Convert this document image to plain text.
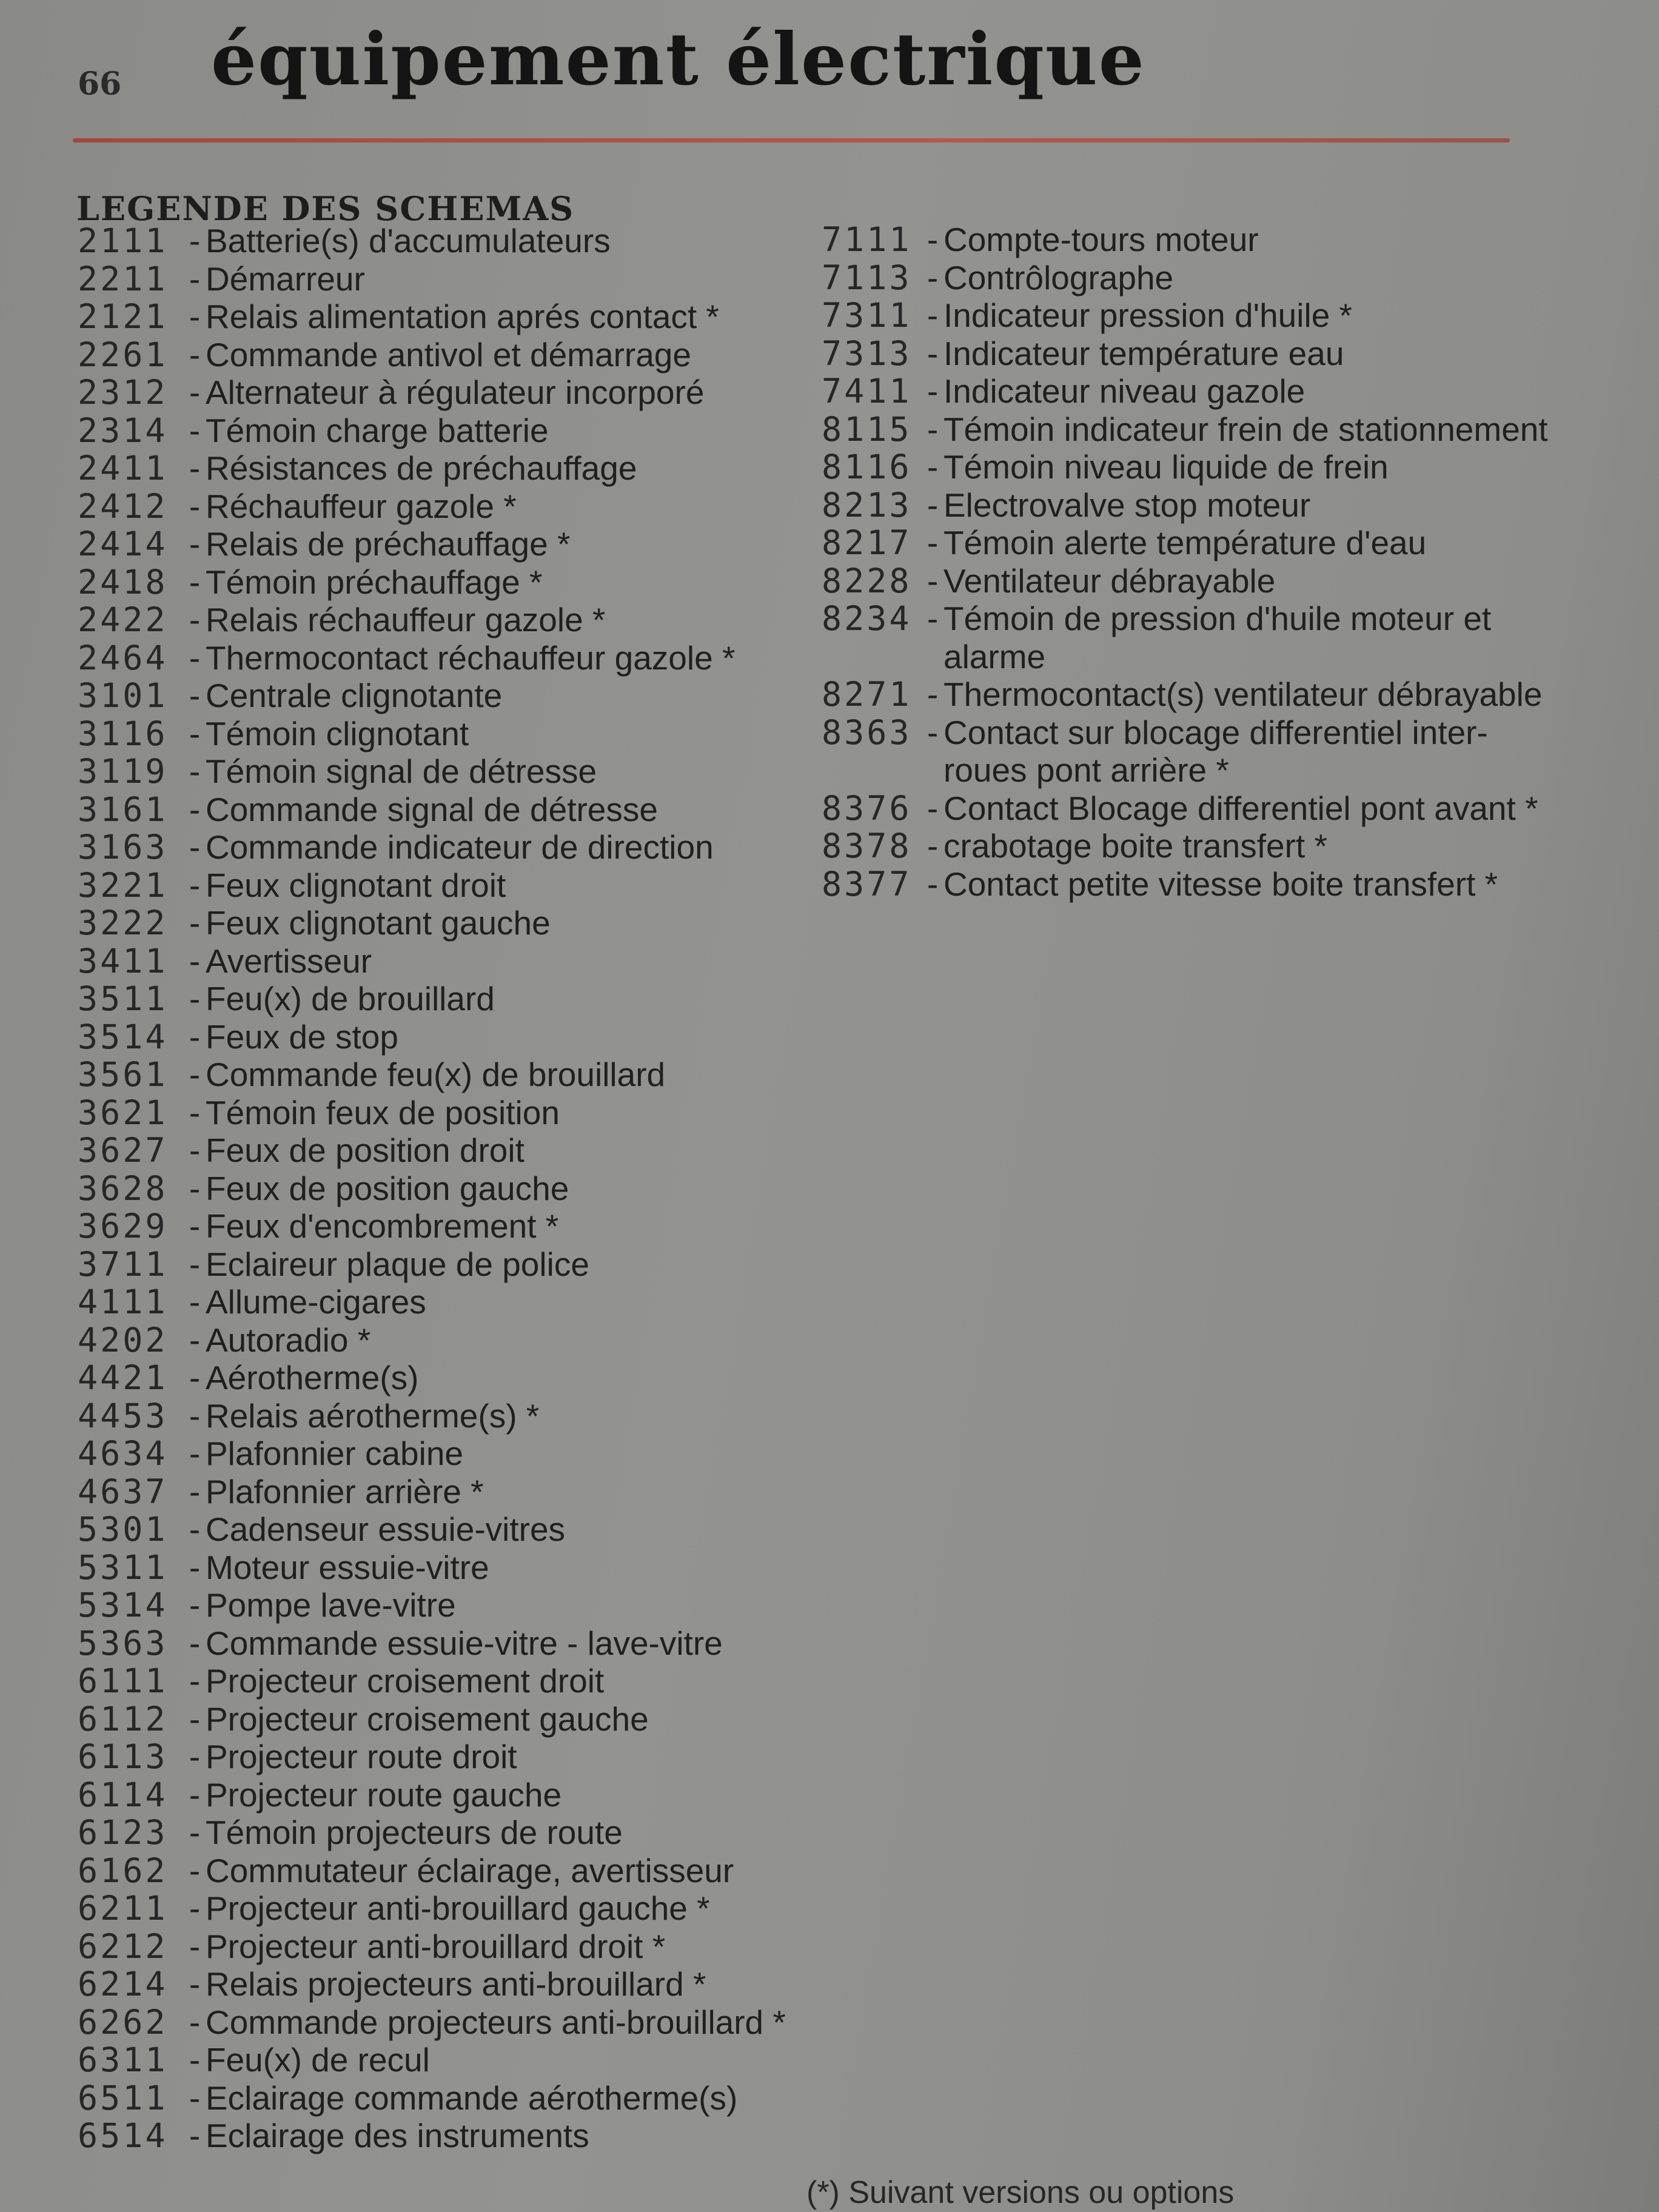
66 équipement électrique
LEGENDE DES SCHEMAS
2111 - Batterie(s) d'accumulateurs
2211 - Démarreur
2121 - Relais alimentation aprés contact *
2261 - Commande antivol et démarrage
2312 - Alternateur à régulateur incorporé
2314 - Témoin charge batterie
2411 - Résistances de préchauffage
2412 - Réchauffeur gazole *
2414 - Relais de préchauffage *
2418 - Témoin préchauffage *
2422 - Relais réchauffeur gazole *
2464 - Thermocontact réchauffeur gazole *
3101 - Centrale clignotante
3116 - Témoin clignotant
3119 - Témoin signal de détresse
3161 - Commande signal de détresse
3163 - Commande indicateur de direction
3221 - Feux clignotant droit
3222 - Feux clignotant gauche
3411 - Avertisseur
3511 - Feu(x) de brouillard
3514 - Feux de stop
3561 - Commande feu(x) de brouillard
3621 - Témoin feux de position
3627 - Feux de position droit
3628 - Feux de position gauche
3629 - Feux d'encombrement *
3711 - Eclaireur plaque de police
4111 - Allume-cigares
4202 - Autoradio *
4421 - Aérotherme(s)
4453 - Relais aérotherme(s) *
4634 - Plafonnier cabine
4637 - Plafonnier arrière *
5301 - Cadenseur essuie-vitres
5311 - Moteur essuie-vitre
5314 - Pompe lave-vitre
5363 - Commande essuie-vitre - lave-vitre
6111 - Projecteur croisement droit
6112 - Projecteur croisement gauche
6113 - Projecteur route droit
6114 - Projecteur route gauche
6123 - Témoin projecteurs de route
6162 - Commutateur éclairage, avertisseur
6211 - Projecteur anti-brouillard gauche *
6212 - Projecteur anti-brouillard droit *
6214 - Relais projecteurs anti-brouillard *
6262 - Commande projecteurs anti-brouillard *
6311 - Feu(x) de recul
6511 - Eclairage commande aérotherme(s)
6514 - Eclairage des instruments
7111 - Compte-tours moteur
7113 - Contrôlographe
7311 - Indicateur pression d'huile *
7313 - Indicateur température eau
7411 - Indicateur niveau gazole
8115 - Témoin indicateur frein de stationnement
8116 - Témoin niveau liquide de frein
8213 - Electrovalve stop moteur
8217 - Témoin alerte température d'eau
8228 - Ventilateur débrayable
8234 - Témoin de pression d'huile moteur et alarme
8271 - Thermocontact(s) ventilateur débrayable
8363 - Contact sur blocage differentiel inter-roues pont arrière *
8376 - Contact Blocage differentiel pont avant *
8378 - crabotage boite transfert *
8377 - Contact petite vitesse boite transfert *
(*) Suivant versions ou options
